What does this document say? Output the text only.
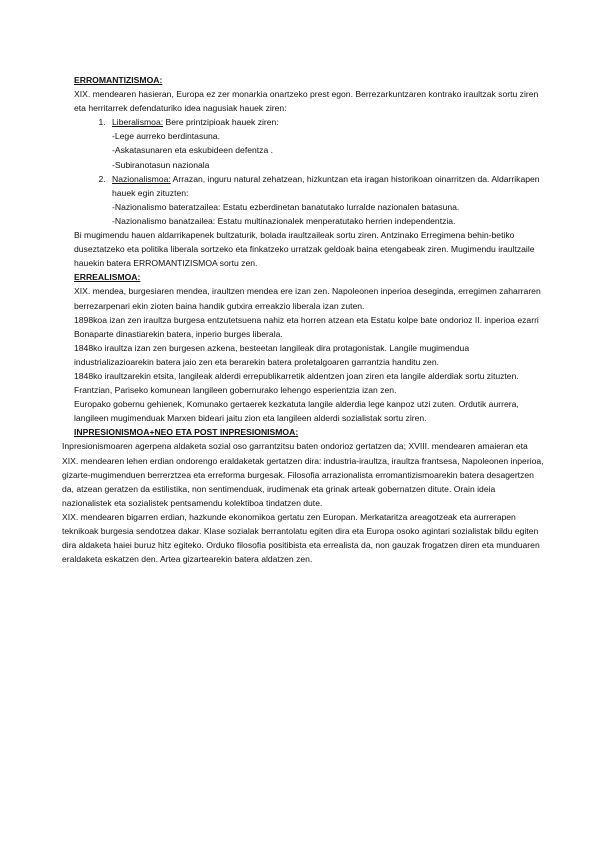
ERROMANTIZISMOA:

XIX. mendearen hasieran, Europa ez zer monarkia onartzeko prest egon. Berrezarkuntzaren kontrako iraultzak sortu ziren eta herritarrek defendaturiko idea nagusiak hauek ziren:

1. Liberalismoa: Bere printzipioak hauek ziren:
-Lege aurreko berdintasuna.
-Askatasunaren eta eskubideen defentza .
-Subiranotasun nazionala
2. Nazionalismoa: Arrazan, inguru natural zehatzean, hizkuntzan eta iragan historikoan oinarritzen da. Aldarrikapen hauek egin zituzten:
-Nazionalismo bateratzailea: Estatu ezberdinetan banatutako lurralde nazionalen batasuna.
-Nazionalismo banatzailea: Estatu multinazionalek menperatutako herrien independentzia.

Bi mugimendu hauen aldarrikapenek bultzaturik, bolada iraultzaileak sortu ziren. Antzinako Erregimena behin-betiko duseztatzeko eta politika liberala sortzeko eta finkatzeko urratzak geldoak baina etengabeak ziren. Mugimendu iraultzaile hauekin batera ERROMANTIZISMOA sortu zen.

ERREALISMOA:

XIX. mendea, burgesiaren mendea, iraultzen mendea ere izan zen. Napoleonen inperioa deseginda, erregimen zaharraren berrezarpenari ekin zioten baina handik gutxira erreakzio liberala izan zuten.

1898koa izan zen iraultza burgesa entzutetsuena nahiz eta horren atzean eta Estatu kolpe bate ondorioz II. inperioa ezarri Bonaparte dinastiarekin batera, inperio burges liberala.

1848ko iraultza izan zen burgesen azkena, besteetan langileak dira protagonistak. Langile mugimendua industrializazioarekin batera jaio zen eta berarekin batera proletalgoaren garrantzia handitu zen.

1848ko iraultzarekin etsita, langileak alderdi errepublikarretik aldentzen joan ziren eta langile alderdiak sortu zituzten. Frantzian, Pariseko komunean langileen gobernurako lehengo esperientzia izan zen.

Europako gobernu gehienek, Komunako gertaerek kezkatuta langile alderdia lege kanpoz utzi zuten. Ordutik aurrera, langileen mugimenduak Marxen bideari jaitu zion eta langileen alderdi sozialistak sortu ziren.

INPRESIONISMOA+NEO ETA POST INPRESIONISMOA:

Inpresionismoaren agerpena aldaketa sozial oso garrantzitsu baten ondorioz gertatzen da; XVIII. mendearen amaieran eta XIX. mendearen lehen erdian ondorengo eraldaketak gertatzen dira: industria-iraultza, iraultza frantsesa, Napoleonen inperioa, gizarte-mugimenduen berrerztzea eta erreforma burgesak. Filosofia arrazionalista erromantizismoarekin batera desagertzen da, atzean geratzen da estilistika, non sentimenduak, irudimenak eta grinak arteak gobernatzen ditute. Orain ideia nazionalistek eta sozialistek pentsamendu kolektiboa tindatzen dute.

XIX. mendearen bigarren erdian, hazkunde ekonomikoa gertatu zen Europan. Merkataritza areagotzeak eta aurrerapen teknikoak burgesia sendotzea dakar. Klase sozialak berrantolatu egiten dira eta Europa osoko agintari sozialistak bildu egiten dira aldaketa haiei buruz hitz egiteko. Orduko filosofia positibista eta errealista da, non gauzak frogatzen diren eta munduaren eraldaketa eskatzen den. Artea gizartearekin batera aldatzen zen.
